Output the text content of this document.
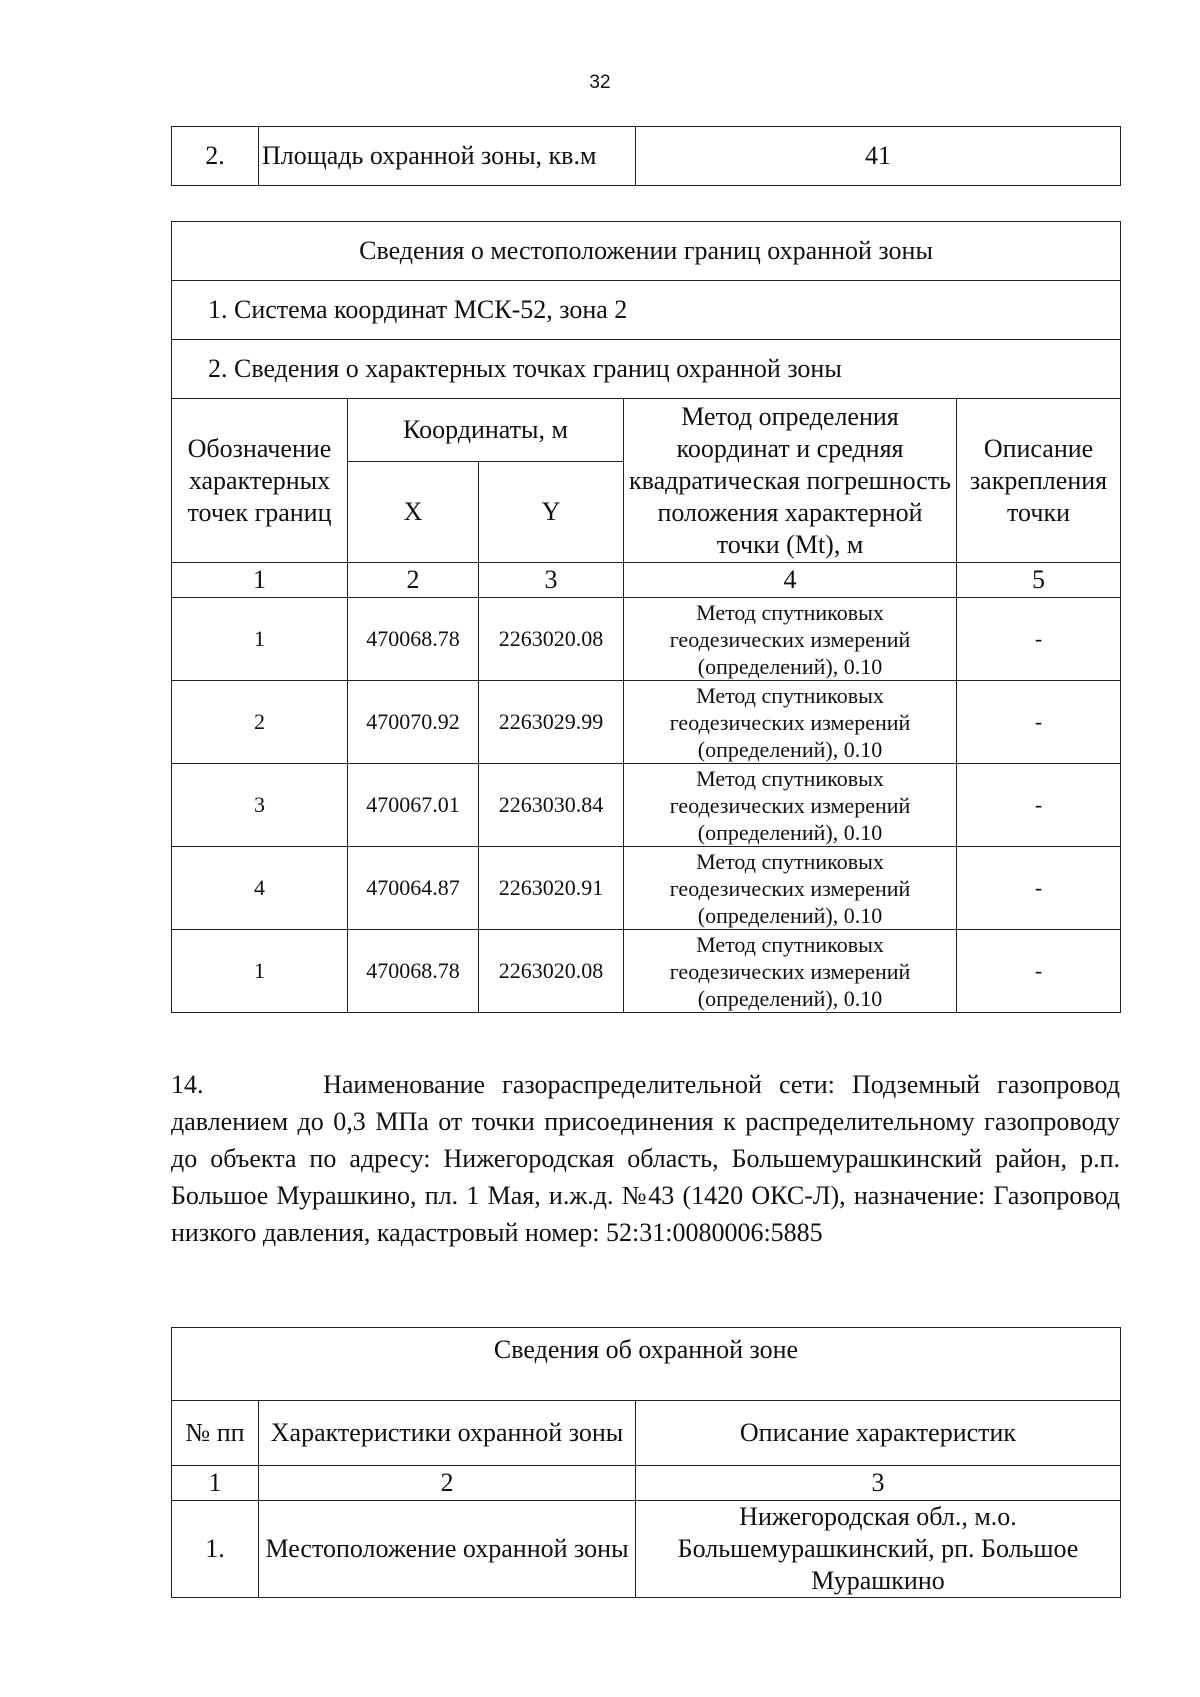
32
2.	Площадь охранной зоны, кв.м	41
Сведения о местоположении границ охранной зоны				
1. Система координат МСК-52, зона 2				
2. Сведения о характерных точках границ охранной зоны				
Обозначение характерных точек границ	Координаты, м		Метод определения координат и средняя квадратическая погрешность положения характерной точки (Mt), м	Описание закрепления точки
	X	Y		
1	2	3	4	5
1	470068.78	2263020.08	Метод спутниковых геодезических измерений (определений), 0.10	-
2	470070.92	2263029.99	Метод спутниковых геодезических измерений (определений), 0.10	-
3	470067.01	2263030.84	Метод спутниковых геодезических измерений (определений), 0.10	-
4	470064.87	2263020.91	Метод спутниковых геодезических измерений (определений), 0.10	-
1	470068.78	2263020.08	Метод спутниковых геодезических измерений (определений), 0.10	-
14.       Наименование газораспределительной сети: Подземный газопровод давлением до 0,3 МПа от точки присоединения к распределительному газопроводу до объекта по адресу: Нижегородская область, Большемурашкинский район, р.п. Большое Мурашкино, пл. 1 Мая, и.ж.д. №43 (1420 ОКС-Л), назначение: Газопровод низкого давления, кадастровый номер: 52:31:0080006:5885
Сведения об охранной зоне		
№ пп	Характеристики охранной зоны	Описание характеристик
1	2	3
1.	Местоположение охранной зоны	Нижегородская обл., м.о. Большемурашкинский, рп. Большое Мурашкино
